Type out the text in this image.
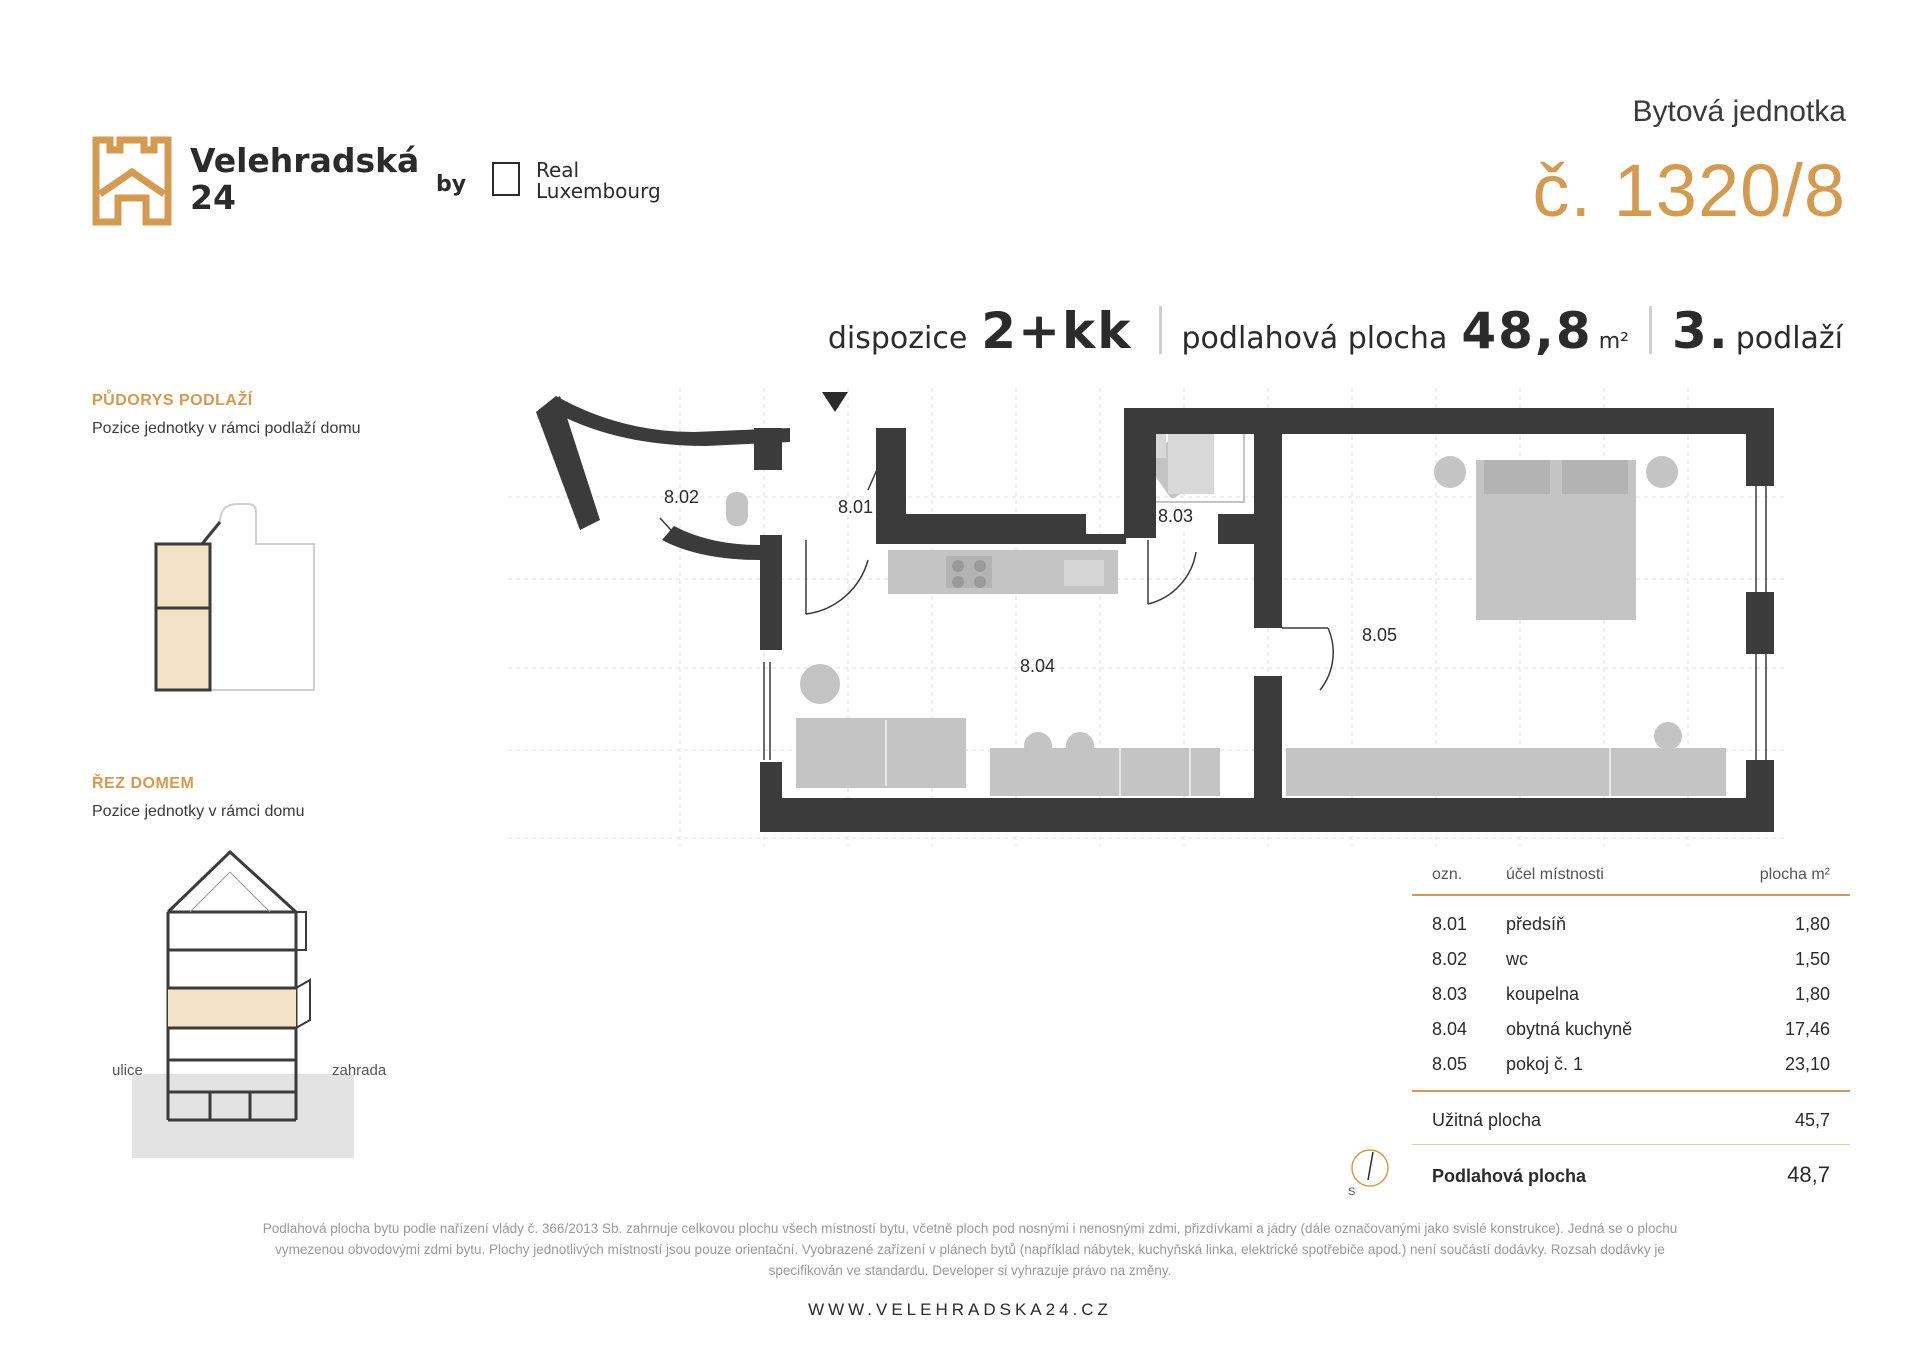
Velehradská
24	by
Real
Luxembourg
Bytová jednotka
č. 1320/8
dispozice 2+kk podlahová plocha 48,8 m² 3. podlaží
PŮDORYS PODLAŽÍ
Pozice jednotky v rámci podlaží domu
ŘEZ DOMEM
Pozice jednotky v rámci domu
ulice	zahrada
8.02	8.01	8.03
8.04
8.05
ozn.	účel místnosti	plocha m²
8.01 předsíň	1,80
8.02 wc	1,50
8.03 koupelna	1,80
8.04 obytná kuchyně	17,46
8.05 pokoj č. 1	23,10
Užitná plocha	45,7
Podlahová plocha	48,7
S
Podlahová plocha bytu podle nařízení vlády č. 366/2013 Sb. zahrnuje celkovou plochu všech místností bytu, včetně ploch pod nosnými i nenosnými zdmi, přizdívkami a jádry (dále označovanými jako svislé konstrukce). Jedná se o plochu
vymezenou obvodovými zdmi bytu. Plochy jednotlivých místností jsou pouze orientační. Vyobrazené zařízení v plánech bytů (například nábytek, kuchyňská linka, elektrické spotřebiče apod.) není součástí dodávky. Rozsah dodávky je
specifikován ve standardu. Developer si vyhrazuje právo na změny.
WWW.VELEHRADSKA24.CZ
